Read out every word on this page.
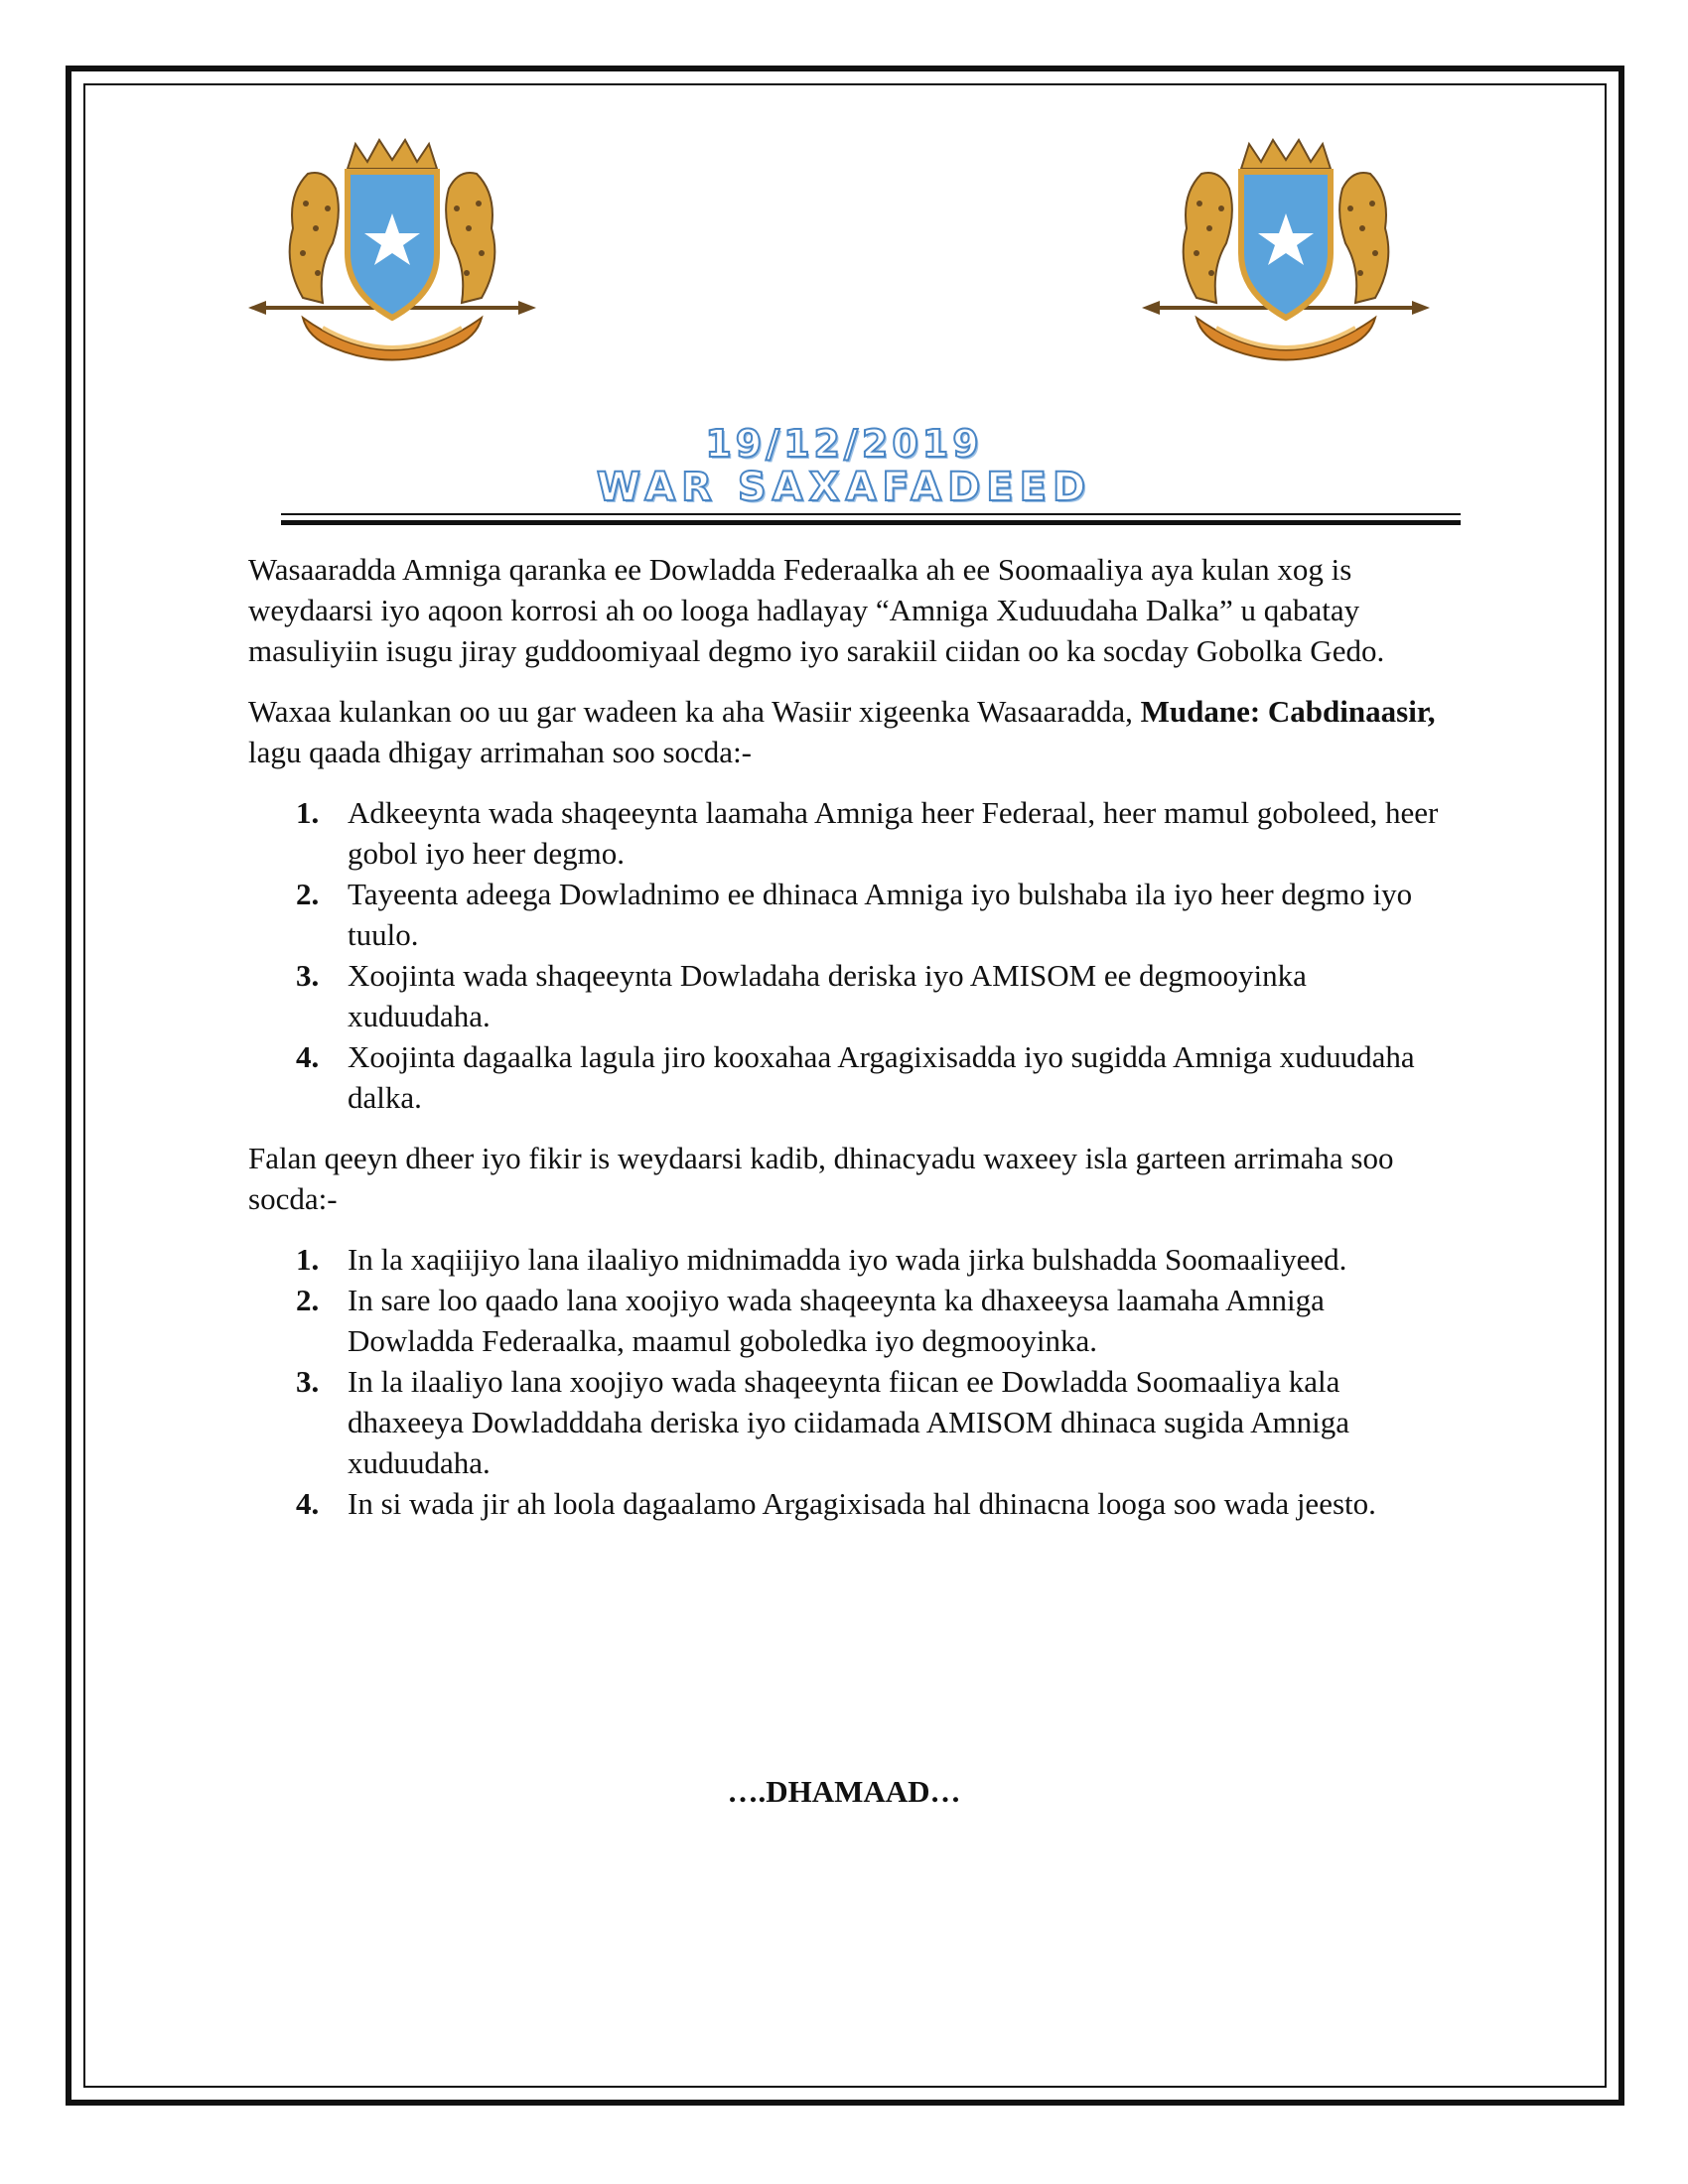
19/12/2019
WAR SAXAFADEED

Wasaaradda Amniga qaranka ee Dowladda Federaalka ah ee Soomaaliya aya kulan xog is weydaarsi iyo aqoon korrosi ah oo looga hadlayay “Amniga Xuduudaha Dalka” u qabatay masuliyiin isugu jiray guddoomiyaal degmo iyo sarakiil ciidan oo ka socday Gobolka Gedo.

Waxaa kulankan oo uu gar wadeen ka aha Wasiir xigeenka Wasaaradda, Mudane: Cabdinaasir, lagu qaada dhigay arrimahan soo socda:-

1. Adkeeynta wada shaqeeynta laamaha Amniga heer Federaal, heer mamul goboleed, heer gobol iyo heer degmo.
2. Tayeenta adeega Dowladnimo ee dhinaca Amniga iyo bulshaba ila iyo heer degmo iyo tuulo.
3. Xoojinta wada shaqeeynta Dowladaha deriska iyo AMISOM ee degmooyinka xuduudaha.
4. Xoojinta dagaalka lagula jiro kooxahaa Argagixisadda iyo sugidda Amniga xuduudaha dalka.

Falan qeeyn dheer iyo fikir is weydaarsi kadib, dhinacyadu waxeey isla garteen arrimaha soo socda:-

1. In la xaqiijiyo lana ilaaliyo midnimadda iyo wada jirka bulshadda Soomaaliyeed.
2. In sare loo qaado lana xoojiyo wada shaqeeynta ka dhaxeeysa laamaha Amniga Dowladda Federaalka, maamul goboledka iyo degmooyinka.
3. In la ilaaliyo lana xoojiyo wada shaqeeynta fiican ee Dowladda Soomaaliya kala dhaxeeya Dowladddaha deriska iyo ciidamada AMISOM dhinaca sugida Amniga xuduudaha.
4. In si wada jir ah loola dagaalamo Argagixisada hal dhinacna looga soo wada jeesto.
….DHAMAAD…
